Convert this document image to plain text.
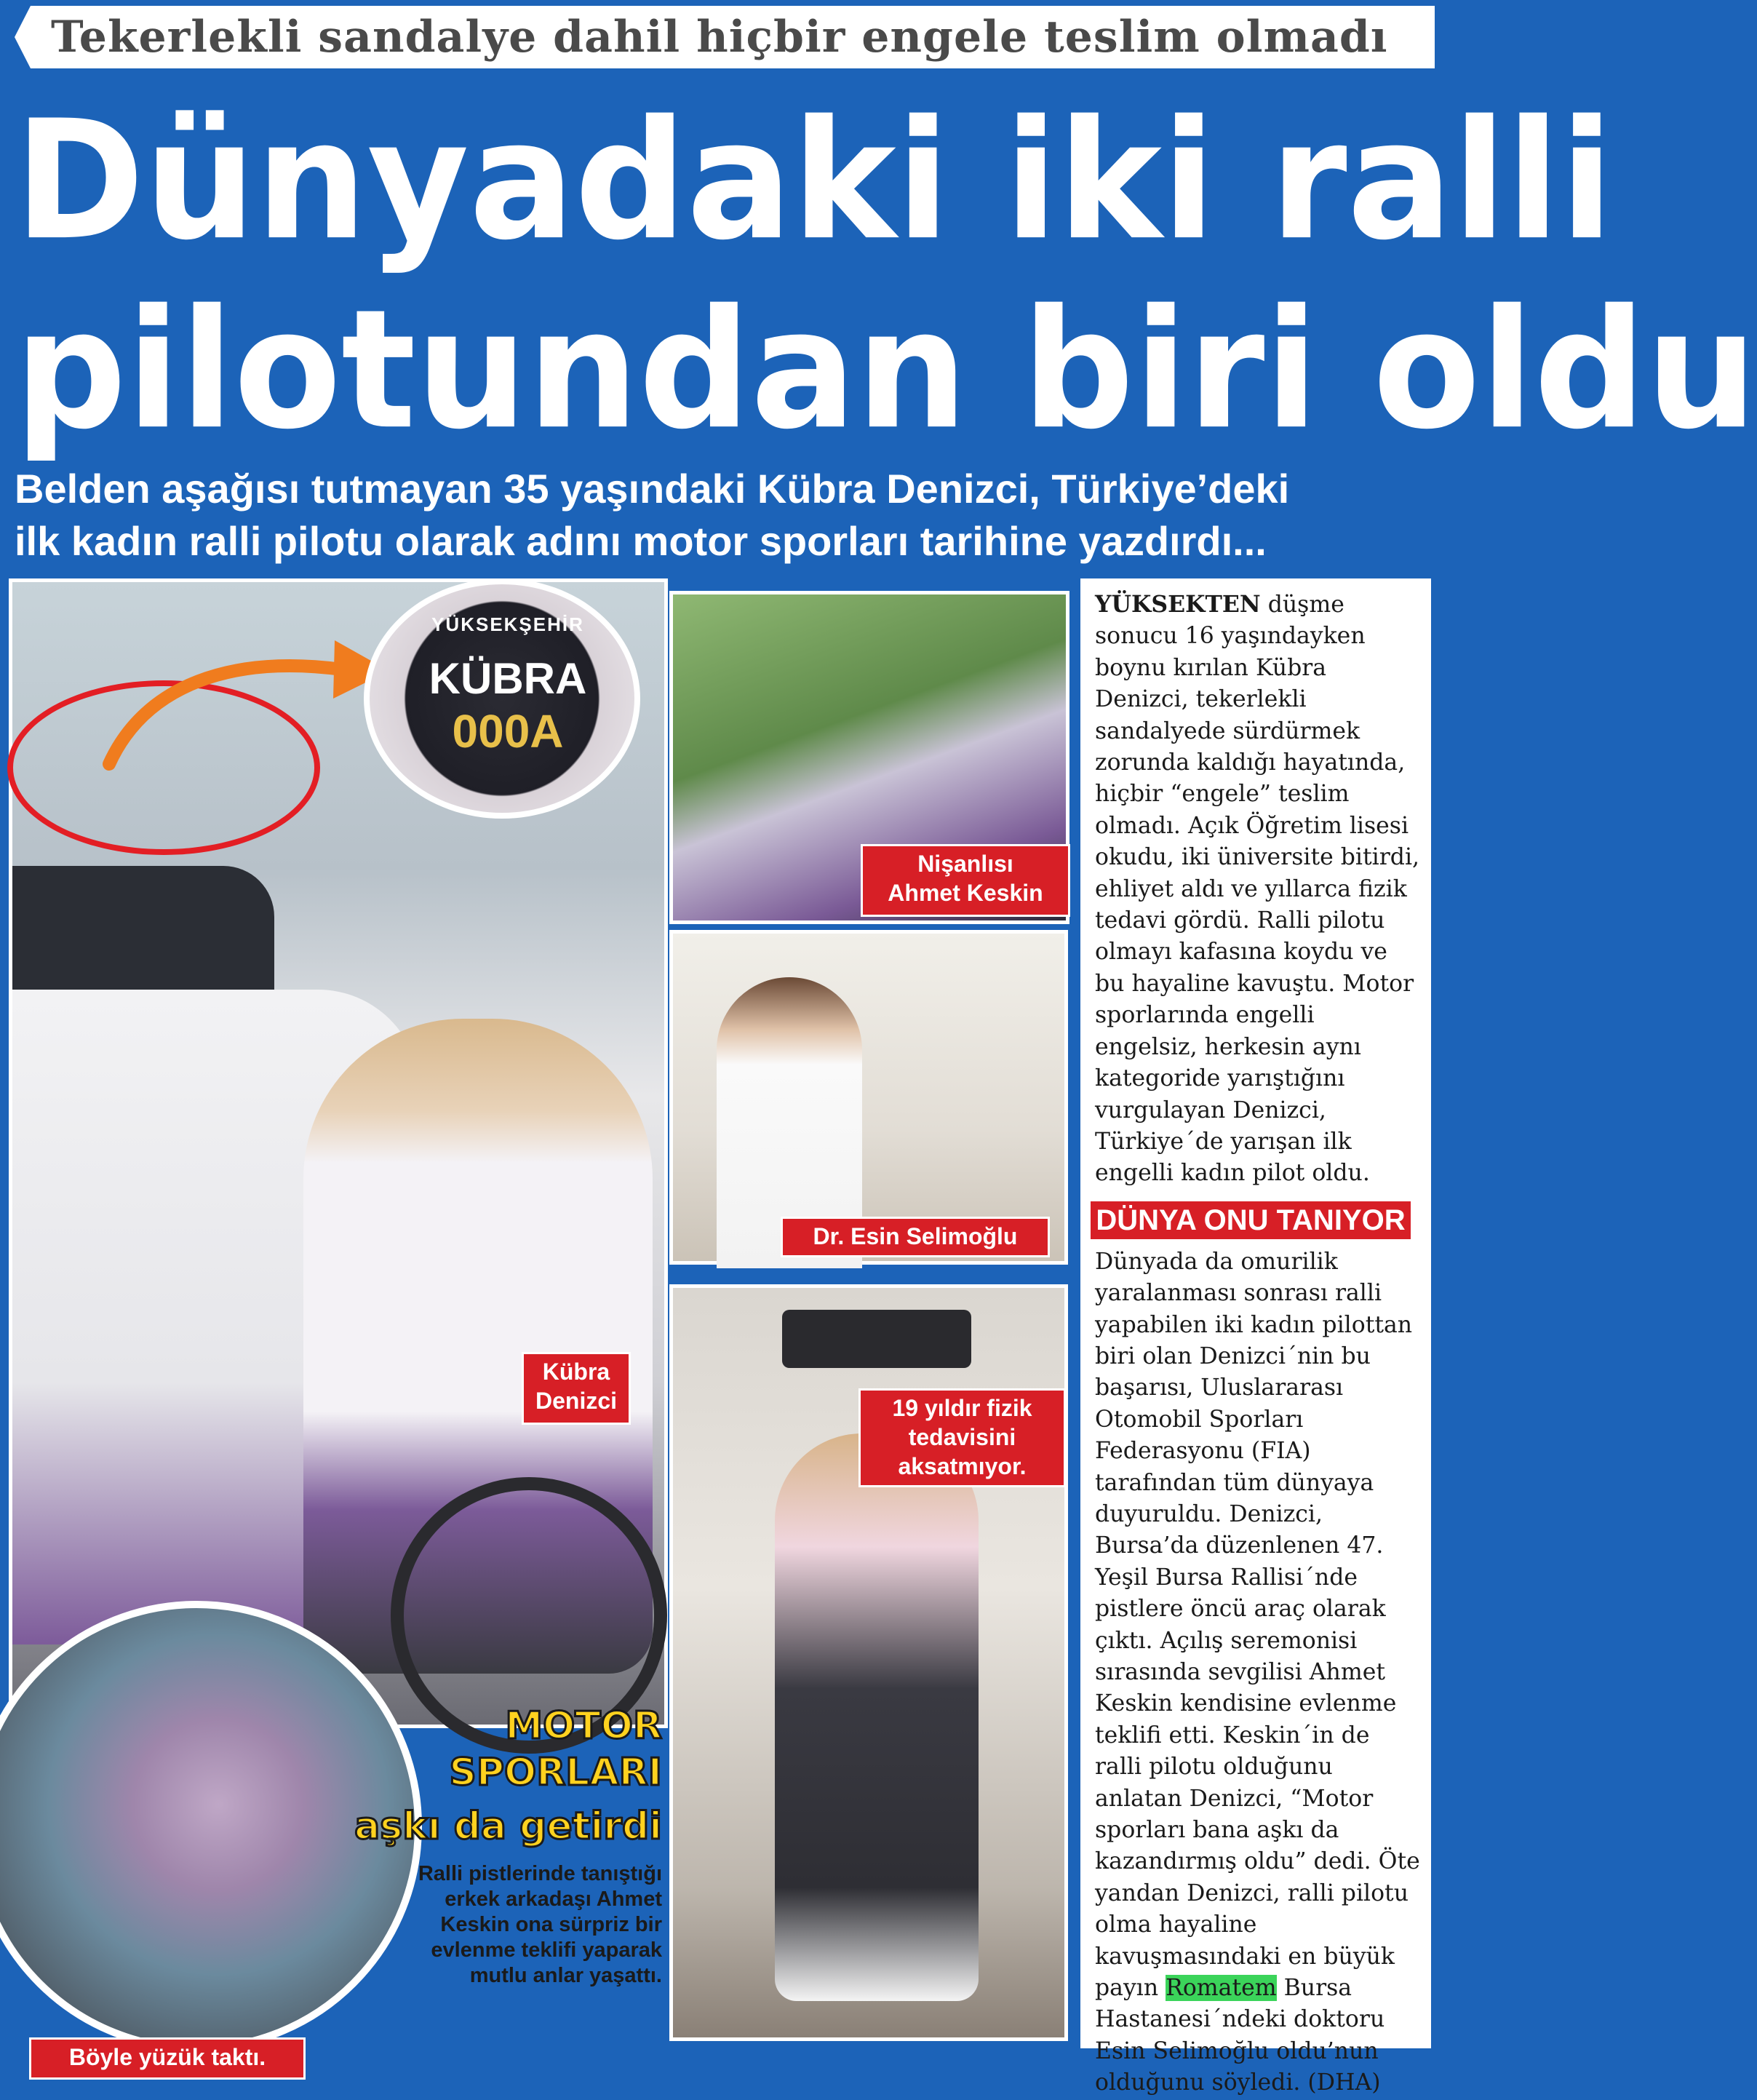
Tekerlekli sandalye dahil hiçbir engele teslim olmadı
Dünyadaki iki ralli
pilotundan biri oldu
Belden aşağısı tutmayan 35 yaşındaki Kübra Denizci, Türkiye’deki
ilk kadın ralli pilotu olarak adını motor sporları tarihine yazdırdı...
YÜKSEKŞEHİR
KÜBRA
000A
Nişanlısı
Ahmet Keskin
Dr. Esin Selimoğlu
Kübra
Denizci	19 yıldır fizik
tedavisini
aksatmıyor.
Böyle yüzük taktı.
MOTOR
SPORLARI
aşkı da getirdi
Ralli pistlerinde tanıştığı erkek arkadaşı Ahmet Keskin ona sürpriz bir evlenme teklifi yaparak mutlu anlar yaşattı.

YÜKSEKTEN düşme sonucu 16 yaşındayken boynu kırılan Kübra Denizci, tekerlekli sandalyede sürdürmek zorunda kaldığı hayatında, hiçbir “engele” teslim olmadı. Açık Öğretim lisesi okudu, iki üniversite bitirdi, ehliyet aldı ve yıllarca fizik tedavi gördü. Ralli pilotu olmayı kafasına koydu ve bu hayaline kavuştu. Motor sporlarında engelli engelsiz, herkesin aynı kategoride yarıştığını vurgulayan Denizci, Türkiye´de yarışan ilk engelli kadın pilot oldu.

DÜNYA ONU TANIYOR

Dünyada da omurilik yaralanması sonrası ralli yapabilen iki kadın pilottan biri olan Denizci´nin bu başarısı, Uluslararası Otomobil Sporları Federasyonu (FIA) tarafından tüm dünyaya duyuruldu. Denizci, Bursa’da düzenlenen 47. Yeşil Bursa Rallisi´nde pistlere öncü araç olarak çıktı. Açılış seremonisi sırasında sevgilisi Ahmet Keskin kendisine evlenme teklifi etti. Keskin´in de ralli pilotu olduğunu anlatan Denizci, “Motor sporları bana aşkı da kazandırmış oldu” dedi. Öte yandan Denizci, ralli pilotu olma hayaline kavuşmasındaki en büyük payın Romatem Bursa Hastanesi´ndeki doktoru Esin Selimoğlu oldu’nun olduğunu söyledi. (DHA)
